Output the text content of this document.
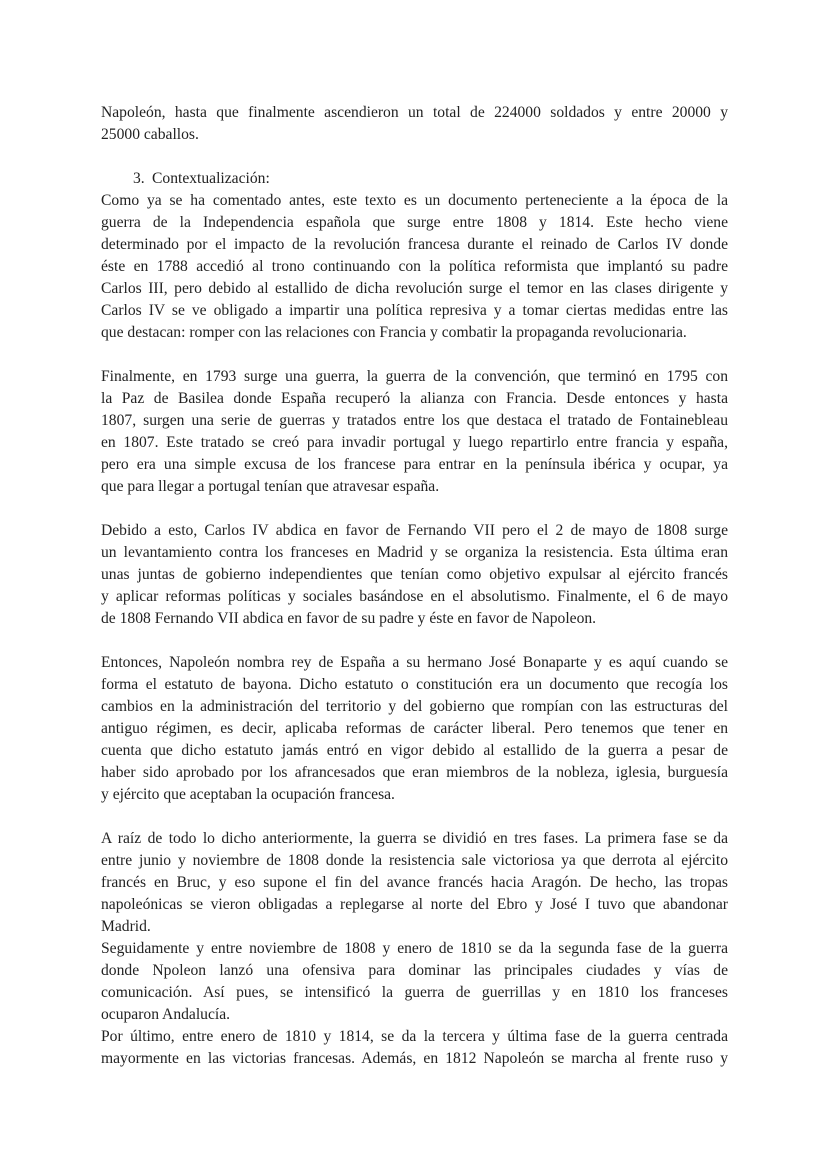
Napoleón, hasta que finalmente ascendieron un total de 224000 soldados y entre 20000 y
25000 caballos.
3. Contextualización:
Como ya se ha comentado antes, este texto es un documento perteneciente a la época de la
guerra de la Independencia española que surge entre 1808 y 1814. Este hecho viene
determinado por el impacto de la revolución francesa durante el reinado de Carlos IV donde
éste en 1788 accedió al trono continuando con la política reformista que implantó su padre
Carlos III, pero debido al estallido de dicha revolución surge el temor en las clases dirigente y
Carlos IV se ve obligado a impartir una política represiva y a tomar ciertas medidas entre las
que destacan: romper con las relaciones con Francia y combatir la propaganda revolucionaria.
Finalmente, en 1793 surge una guerra, la guerra de la convención, que terminó en 1795 con
la Paz de Basilea donde España recuperó la alianza con Francia. Desde entonces y hasta
1807, surgen una serie de guerras y tratados entre los que destaca el tratado de Fontainebleau
en 1807. Este tratado se creó para invadir portugal y luego repartirlo entre francia y españa,
pero era una simple excusa de los francese para entrar en la península ibérica y ocupar, ya
que para llegar a portugal tenían que atravesar españa.
Debido a esto, Carlos IV abdica en favor de Fernando VII pero el 2 de mayo de 1808 surge
un levantamiento contra los franceses en Madrid y se organiza la resistencia. Esta última eran
unas juntas de gobierno independientes que tenían como objetivo expulsar al ejército francés
y aplicar reformas políticas y sociales basándose en el absolutismo. Finalmente, el 6 de mayo
de 1808 Fernando VII abdica en favor de su padre y éste en favor de Napoleon.
Entonces, Napoleón nombra rey de España a su hermano José Bonaparte y es aquí cuando se
forma el estatuto de bayona. Dicho estatuto o constitución era un documento que recogía los
cambios en la administración del territorio y del gobierno que rompían con las estructuras del
antiguo régimen, es decir, aplicaba reformas de carácter liberal. Pero tenemos que tener en
cuenta que dicho estatuto jamás entró en vigor debido al estallido de la guerra a pesar de
haber sido aprobado por los afrancesados que eran miembros de la nobleza, iglesia, burguesía
y ejército que aceptaban la ocupación francesa.
A raíz de todo lo dicho anteriormente, la guerra se dividió en tres fases. La primera fase se da
entre junio y noviembre de 1808 donde la resistencia sale victoriosa ya que derrota al ejército
francés en Bruc, y eso supone el fin del avance francés hacia Aragón. De hecho, las tropas
napoleónicas se vieron obligadas a replegarse al norte del Ebro y José I tuvo que abandonar
Madrid.
Seguidamente y entre noviembre de 1808 y enero de 1810 se da la segunda fase de la guerra
donde Npoleon lanzó una ofensiva para dominar las principales ciudades y vías de
comunicación. Así pues, se intensificó la guerra de guerrillas y en 1810 los franceses
ocuparon Andalucía.
Por último, entre enero de 1810 y 1814, se da la tercera y última fase de la guerra centrada
mayormente en las victorias francesas. Además, en 1812 Napoleón se marcha al frente ruso y
